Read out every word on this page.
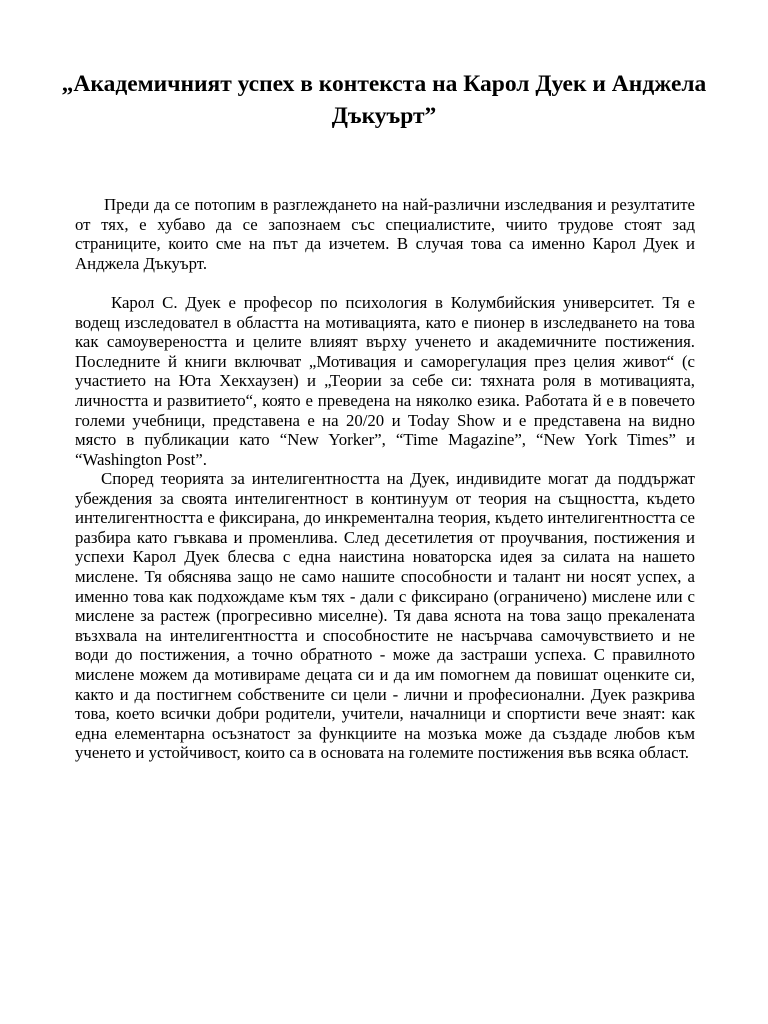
„Академичният успех в контекста на Карол Дуек и Анджела Дъкуърт”

Преди да се потопим в разглеждането на най-различни изследвания и резултатите от тях, е хубаво да се запознаем със специалистите, чиито трудове стоят зад страниците, които сме на път да изчетем. В случая това са именно Карол Дуек и Анджела Дъкуърт.

Карол С. Дуек е професор по психология в Колумбийския университет. Тя е водещ изследовател в областта на мотивацията, като е пионер в изследването на това как самоувереността и целите влияят върху ученето и академичните постижения. Последните й книги включват „Мотивация и саморегулация през целия живот“ (с участието на Юта Хекхаузен) и „Теории за себе си: тяхната роля в мотивацията, личността и развитието“, която е преведена на няколко езика. Работата й е в повечето големи учебници, представена е на 20/20 и Today Show и е представена на видно място в публикации като “New Yorker”, “Time Magazine”, “New York Times” и “Washington Post”.

Според теорията за интелигентността на Дуек, индивидите могат да поддържат убеждения за своята интелигентност в континуум от теория на същността, където интелигентността е фиксирана, до инкрементална теория, където интелигентността се разбира като гъвкава и променлива. След десетилетия от проучвания, постижения и успехи Карол Дуек блесва с една наистина новаторска идея за силата на нашето мислене. Тя обяснява защо не само нашите способности и талант ни носят успех, а именно това как подхождаме към тях - дали с фиксирано (ограничено) мислене или с мислене за растеж (прогресивно миселне). Тя дава яснота на това защо прекалената възхвала на интелигентността и способностите не насърчава самочувствието и не води до постижения, а точно обратното - може да застраши успеха. С правилното мислене можем да мотивираме децата си и да им помогнем да повишат оценките си, както и да постигнем собствените си цели - лични и професионални. Дуек разкрива това, което всички добри родители, учители, началници и спортисти вече знаят: как една елементарна осъзнатост за функциите на мозъка може да създаде любов към ученето и устойчивост, които са в основата на големите постижения във всяка област.
